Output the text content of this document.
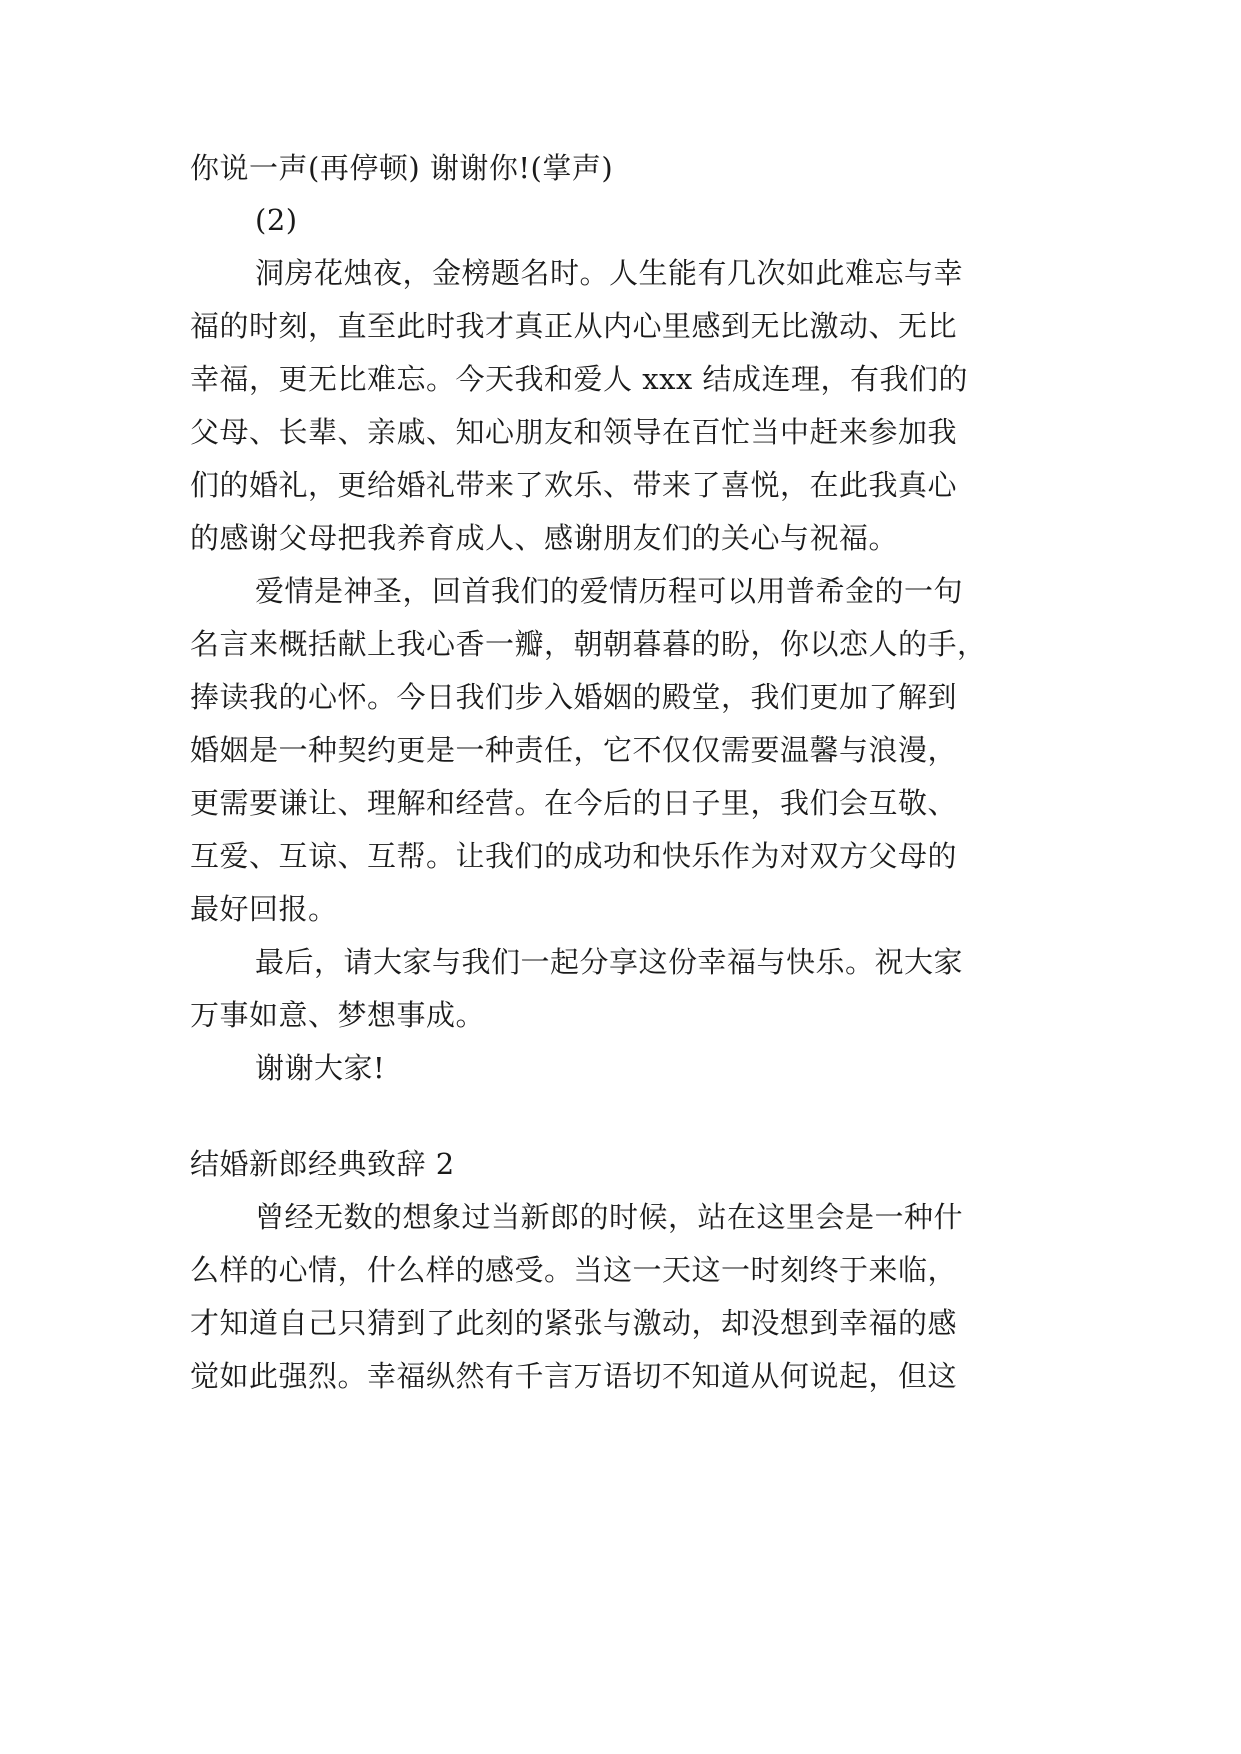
你说一声(再停顿) 谢谢你!(掌声)
(2)
洞房花烛夜，金榜题名时。人生能有几次如此难忘与幸
福的时刻，直至此时我才真正从内心里感到无比激动、无比
幸福，更无比难忘。今天我和爱人 xxx 结成连理，有我们的
父母、长辈、亲戚、知心朋友和领导在百忙当中赶来参加我
们的婚礼，更给婚礼带来了欢乐、带来了喜悦，在此我真心
的感谢父母把我养育成人、感谢朋友们的关心与祝福。
爱情是神圣，回首我们的爱情历程可以用普希金的一句
名言来概括献上我心香一瓣，朝朝暮暮的盼，你以恋人的手，
捧读我的心怀。今日我们步入婚姻的殿堂，我们更加了解到
婚姻是一种契约更是一种责任，它不仅仅需要温馨与浪漫，
更需要谦让、理解和经营。在今后的日子里，我们会互敬、
互爱、互谅、互帮。让我们的成功和快乐作为对双方父母的
最好回报。
最后，请大家与我们一起分享这份幸福与快乐。祝大家
万事如意、梦想事成。
谢谢大家!
结婚新郎经典致辞 2
曾经无数的想象过当新郎的时候，站在这里会是一种什
么样的心情，什么样的感受。当这一天这一时刻终于来临，
才知道自己只猜到了此刻的紧张与激动，却没想到幸福的感
觉如此强烈。幸福纵然有千言万语切不知道从何说起，但这
